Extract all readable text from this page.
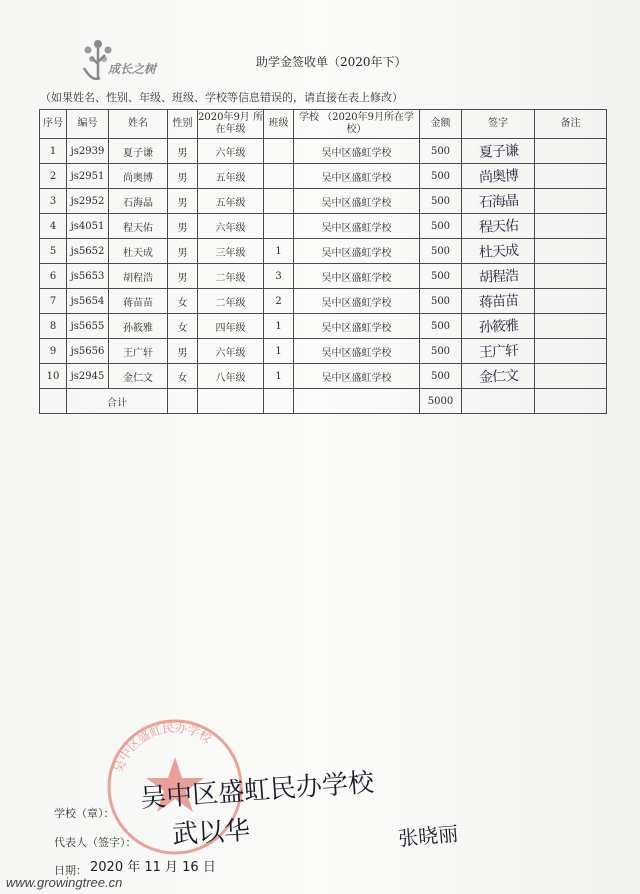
成长之树	助学金签收单（2020年下）
（如果姓名、性别、年级、班级、学校等信息错误的，请直接在表上修改）
序号	编号	姓名	性别	2020年9月 所在年级	班级	学校 （2020年9月所在学校）	金额	签字	备注
1	js2939	夏子谦	男	六年级		吴中区盛虹学校	500	夏子谦	
2	js2951	尚奥博	男	五年级		吴中区盛虹学校	500	尚奥博	
3	js2952	石海晶	男	五年级		吴中区盛虹学校	500	石海晶	
4	js4051	程天佑	男	六年级		吴中区盛虹学校	500	程天佑	
5	js5652	杜天成	男	三年级	1	吴中区盛虹学校	500	杜天成	
6	js5653	胡程浩	男	二年级	3	吴中区盛虹学校	500	胡程浩	
7	js5654	蒋苗苗	女	二年级	2	吴中区盛虹学校	500	蒋苗苗	
8	js5655	孙筱雅	女	四年级	1	吴中区盛虹学校	500	孙筱雅	
9	js5656	王广轩	男	六年级	1	吴中区盛虹学校	500	王广轩	
10	js2945	金仁文	女	八年级	1	吴中区盛虹学校	500	金仁文	
	合计						5000		
吴中区盛虹民办学校
学校（章）：
代表人（签字）：
日期：
吴中区盛虹民办学校
武以华	张晓丽
2020 年 11 月 16 日
www.growingtree.cn
